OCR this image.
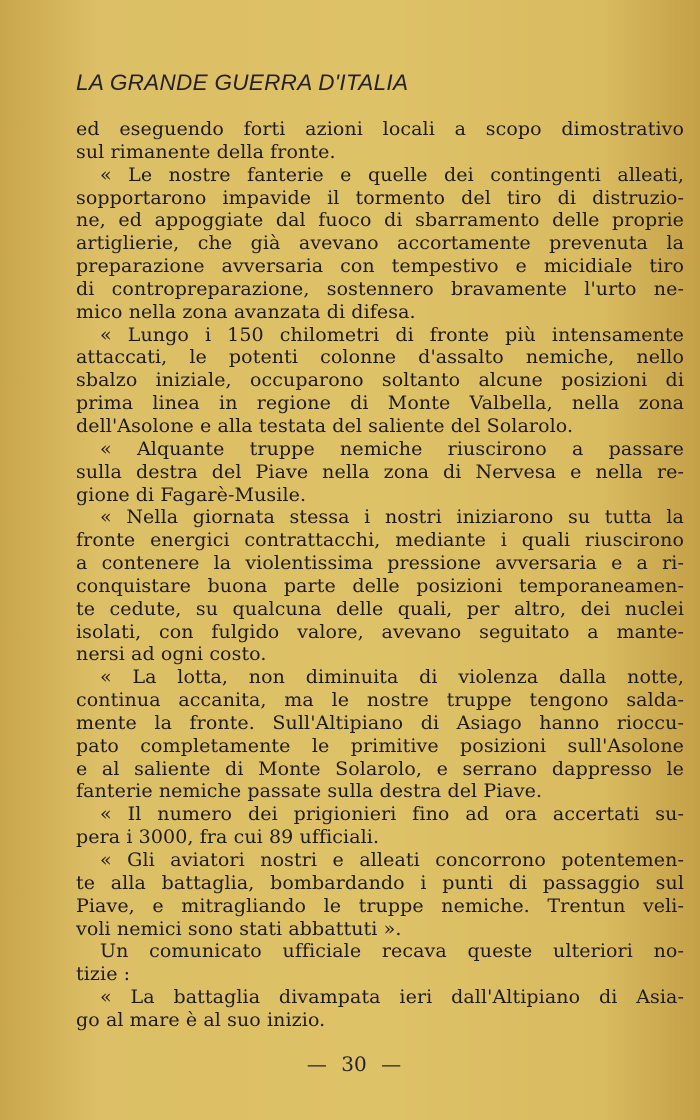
LA GRANDE GUERRA D'ITALIA
ed eseguendo forti azioni locali a scopo dimostrativo
sul rimanente della fronte.
« Le nostre fanterie e quelle dei contingenti alleati,
sopportarono impavide il tormento del tiro di distruzio-
ne, ed appoggiate dal fuoco di sbarramento delle proprie
artiglierie, che già avevano accortamente prevenuta la
preparazione avversaria con tempestivo e micidiale tiro
di contropreparazione, sostennero bravamente l'urto ne-
mico nella zona avanzata di difesa.
« Lungo i 150 chilometri di fronte più intensamente
attaccati, le potenti colonne d'assalto nemiche, nello
sbalzo iniziale, occuparono soltanto alcune posizioni di
prima linea in regione di Monte Valbella, nella zona
dell'Asolone e alla testata del saliente del Solarolo.
« Alquante truppe nemiche riuscirono a passare
sulla destra del Piave nella zona di Nervesa e nella re-
gione di Fagarè-Musile.
« Nella giornata stessa i nostri iniziarono su tutta la
fronte energici contrattacchi, mediante i quali riuscirono
a contenere la violentissima pressione avversaria e a ri-
conquistare buona parte delle posizioni temporaneamen-
te cedute, su qualcuna delle quali, per altro, dei nuclei
isolati, con fulgido valore, avevano seguitato a mante-
nersi ad ogni costo.
« La lotta, non diminuita di violenza dalla notte,
continua accanita, ma le nostre truppe tengono salda-
mente la fronte. Sull'Altipiano di Asiago hanno rioccu-
pato completamente le primitive posizioni sull'Asolone
e al saliente di Monte Solarolo, e serrano dappresso le
fanterie nemiche passate sulla destra del Piave.
« Il numero dei prigionieri fino ad ora accertati su-
pera i 3000, fra cui 89 ufficiali.
« Gli aviatori nostri e alleati concorrono potentemen-
te alla battaglia, bombardando i punti di passaggio sul
Piave, e mitragliando le truppe nemiche. Trentun veli-
voli nemici sono stati abbattuti ».
Un comunicato ufficiale recava queste ulteriori no-
tizie :
« La battaglia divampata ieri dall'Altipiano di Asia-
go al mare è al suo inizio.
— 30 —
